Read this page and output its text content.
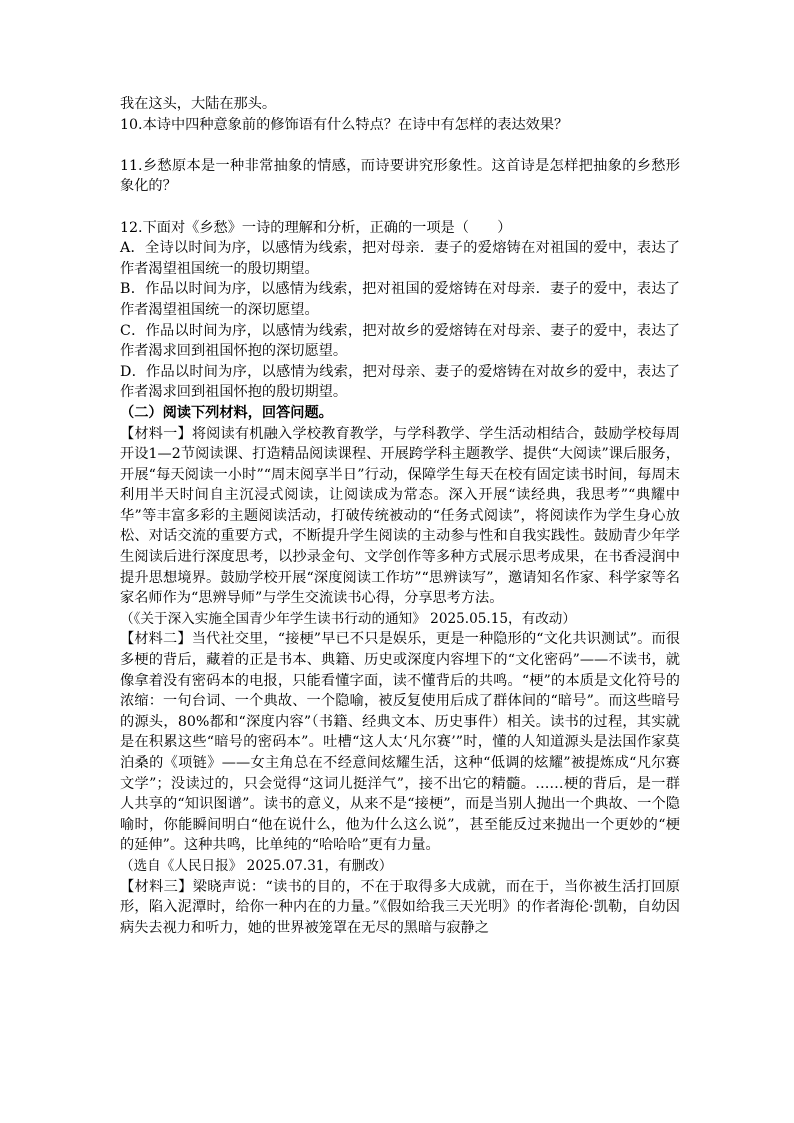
我在这头，大陆在那头。

10.本诗中四种意象前的修饰语有什么特点？在诗中有怎样的表达效果？

11.乡愁原本是一种非常抽象的情感，而诗要讲究形象性。这首诗是怎样把抽象的乡愁形象化的？

12.下面对《乡愁》一诗的理解和分析，正确的一项是（　　）

A．全诗以时间为序，以感情为线索，把对母亲．妻子的爱熔铸在对祖国的爱中，表达了作者渴望祖国统一的殷切期望。

B．作品以时间为序，以感情为线索，把对祖国的爱熔铸在对母亲．妻子的爱中，表达了作者渴望祖国统一的深切愿望。

C．作品以时间为序，以感情为线索，把对故乡的爱熔铸在对母亲、妻子的爱中，表达了作者渴求回到祖国怀抱的深切愿望。

D．作品以时间为序，以感情为线索，把对母亲、妻子的爱熔铸在对故乡的爱中，表达了作者渴求回到祖国怀抱的殷切期望。

（二）阅读下列材料，回答问题。

【材料一】将阅读有机融入学校教育教学，与学科教学、学生活动相结合，鼓励学校每周开设1—2节阅读课、打造精品阅读课程、开展跨学科主题教学、提供“大阅读”课后服务，开展“每天阅读一小时”“周末阅享半日”行动，保障学生每天在校有固定读书时间，每周末利用半天时间自主沉浸式阅读，让阅读成为常态。深入开展“读经典，我思考”“典耀中华”等丰富多彩的主题阅读活动，打破传统被动的“任务式阅读”，将阅读作为学生身心放松、对话交流的重要方式，不断提升学生阅读的主动参与性和自我实践性。鼓励青少年学生阅读后进行深度思考，以抄录金句、文学创作等多种方式展示思考成果，在书香浸润中提升思想境界。鼓励学校开展“深度阅读工作坊”“思辨读写”，邀请知名作家、科学家等名家名师作为“思辨导师”与学生交流读书心得，分享思考方法。

（《关于深入实施全国青少年学生读书行动的通知》 2025.05.15，有改动）

【材料二】当代社交里，“接梗”早已不只是娱乐，更是一种隐形的“文化共识测试”。而很多梗的背后，藏着的正是书本、典籍、历史或深度内容埋下的“文化密码”——不读书，就像拿着没有密码本的电报，只能看懂字面，读不懂背后的共鸣。“梗”的本质是文化符号的浓缩：一句台词、一个典故、一个隐喻，被反复使用后成了群体间的“暗号”。而这些暗号的源头，80%都和“深度内容”（书籍、经典文本、历史事件）相关。读书的过程，其实就是在积累这些“暗号的密码本”。吐槽“这人太‘凡尔赛’”时，懂的人知道源头是法国作家莫泊桑的《项链》——女主角总在不经意间炫耀生活，这种“低调的炫耀”被提炼成“凡尔赛文学”；没读过的，只会觉得“这词儿挺洋气”，接不出它的精髓。……梗的背后，是一群人共享的“知识图谱”。读书的意义，从来不是“接梗”，而是当别人抛出一个典故、一个隐喻时，你能瞬间明白“他在说什么，他为什么这么说”，甚至能反过来抛出一个更妙的“梗的延伸”。这种共鸣，比单纯的“哈哈哈”更有力量。

（选自《人民日报》 2025.07.31，有删改）

【材料三】梁晓声说：“读书的目的，不在于取得多大成就，而在于，当你被生活打回原形，陷入泥潭时，给你一种内在的力量。”《假如给我三天光明》的作者海伦·凯勒，自幼因病失去视力和听力，她的世界被笼罩在无尽的黑暗与寂静之
